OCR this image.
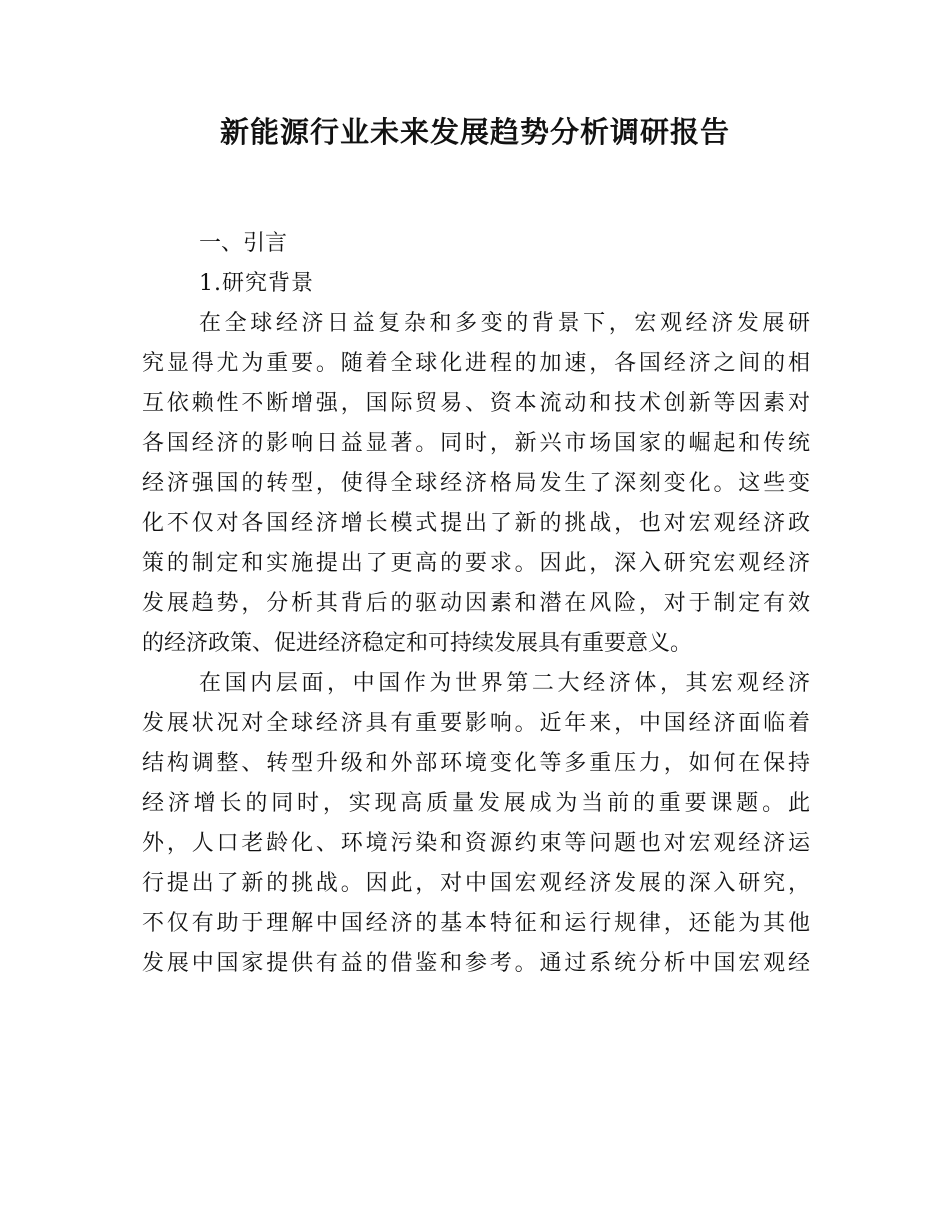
新能源行业未来发展趋势分析调研报告
一、引言
1.研究背景
在全球经济日益复杂和多变的背景下，宏观经济发展研
究显得尤为重要。随着全球化进程的加速，各国经济之间的相
互依赖性不断增强，国际贸易、资本流动和技术创新等因素对
各国经济的影响日益显著。同时，新兴市场国家的崛起和传统
经济强国的转型，使得全球经济格局发生了深刻变化。这些变
化不仅对各国经济增长模式提出了新的挑战，也对宏观经济政
策的制定和实施提出了更高的要求。因此，深入研究宏观经济
发展趋势，分析其背后的驱动因素和潜在风险，对于制定有效
的经济政策、促进经济稳定和可持续发展具有重要意义。
在国内层面，中国作为世界第二大经济体，其宏观经济
发展状况对全球经济具有重要影响。近年来，中国经济面临着
结构调整、转型升级和外部环境变化等多重压力，如何在保持
经济增长的同时，实现高质量发展成为当前的重要课题。此
外，人口老龄化、环境污染和资源约束等问题也对宏观经济运
行提出了新的挑战。因此，对中国宏观经济发展的深入研究，
不仅有助于理解中国经济的基本特征和运行规律，还能为其他
发展中国家提供有益的借鉴和参考。通过系统分析中国宏观经
